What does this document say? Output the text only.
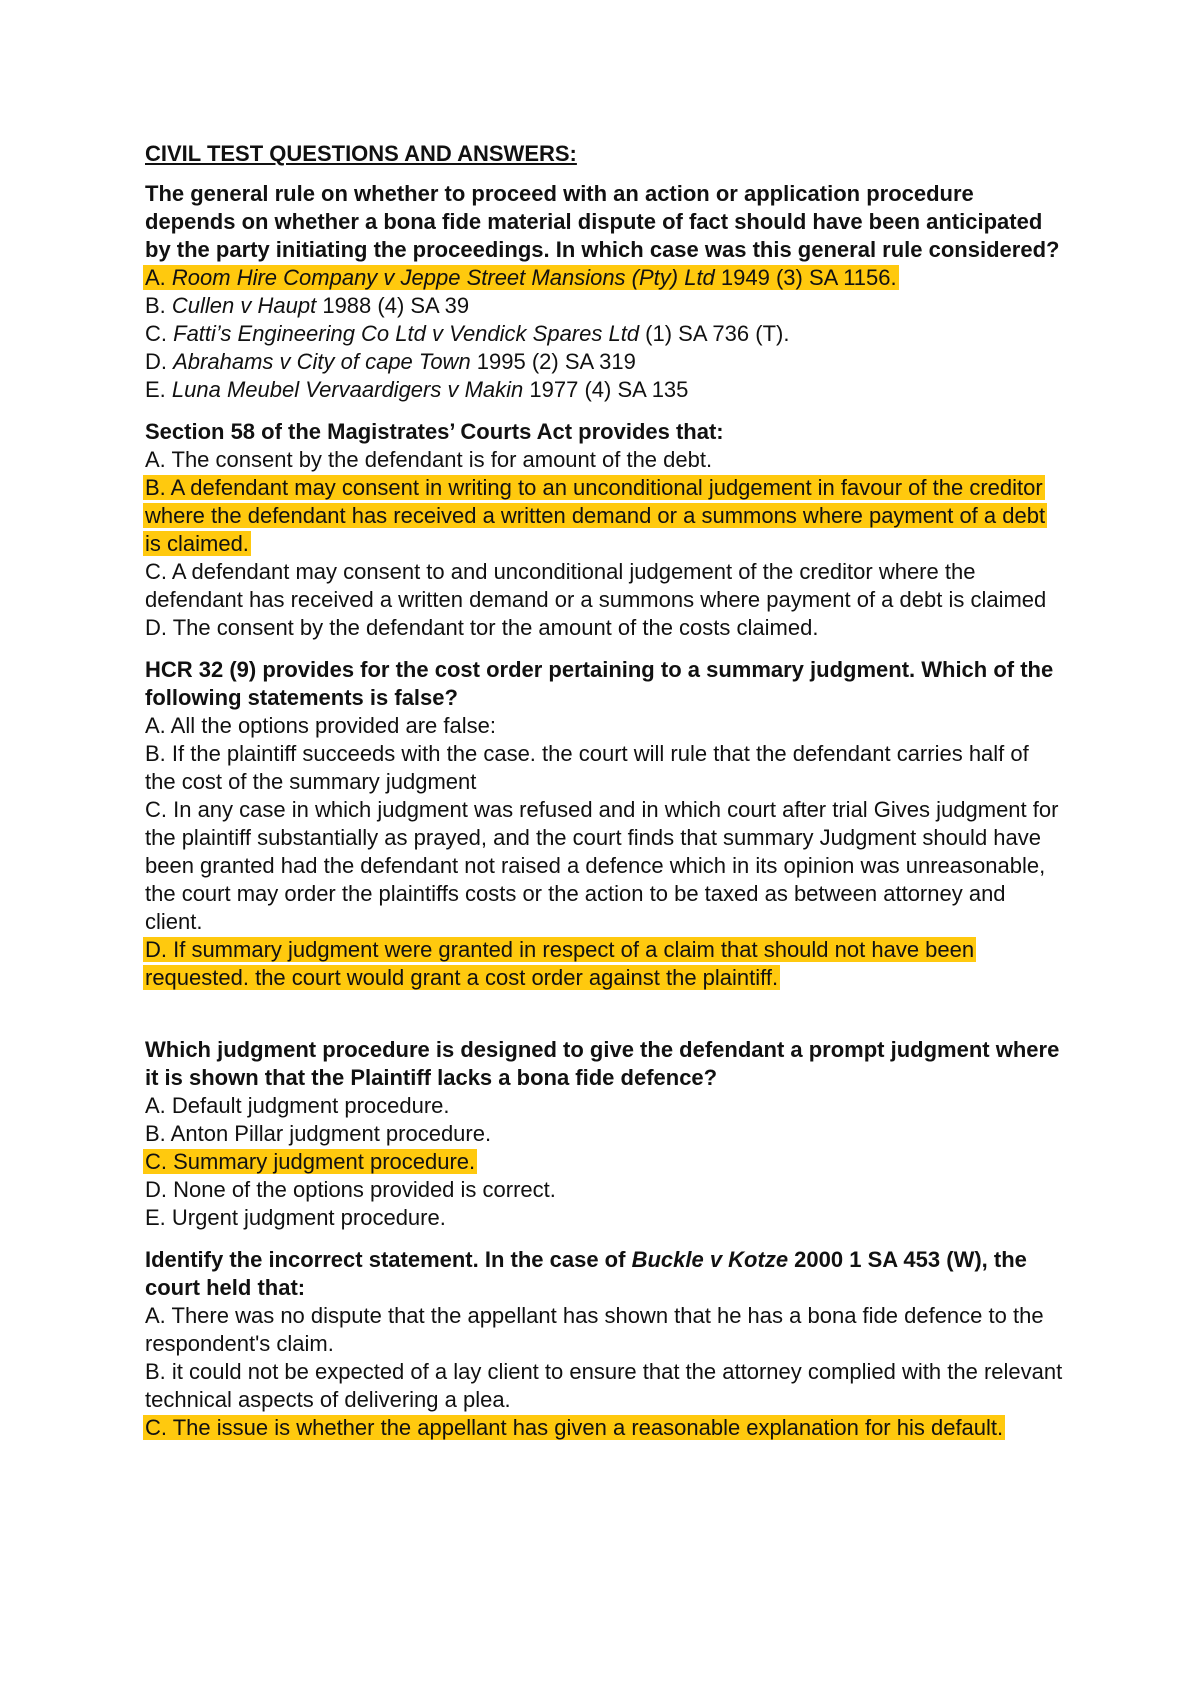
CIVIL TEST QUESTIONS AND ANSWERS:
The general rule on whether to proceed with an action or application procedure depends on whether a bona fide material dispute of fact should have been anticipated by the party initiating the proceedings. In which case was this general rule considered?
A. Room Hire Company v Jeppe Street Mansions (Pty) Ltd 1949 (3) SA 1156.
B. Cullen v Haupt 1988 (4) SA 39
C. Fatti’s Engineering Co Ltd v Vendick Spares Ltd (1) SA 736 (T).
D. Abrahams v City of cape Town 1995 (2) SA 319
E. Luna Meubel Vervaardigers v Makin 1977 (4) SA 135
Section 58 of the Magistrates’ Courts Act provides that:
A. The consent by the defendant is for amount of the debt.
B. A defendant may consent in writing to an unconditional judgement in favour of the creditor where the defendant has received a written demand or a summons where payment of a debt is claimed.
C. A defendant may consent to and unconditional judgement of the creditor where the defendant has received a written demand or a summons where payment of a debt is claimed
D. The consent by the defendant tor the amount of the costs claimed.
HCR 32 (9) provides for the cost order pertaining to a summary judgment. Which of the following statements is false?
A. All the options provided are false:
B. If the plaintiff succeeds with the case. the court will rule that the defendant carries half of the cost of the summary judgment
C. In any case in which judgment was refused and in which court after trial Gives judgment for the plaintiff substantially as prayed, and the court finds that summary Judgment should have been granted had the defendant not raised a defence which in its opinion was unreasonable, the court may order the plaintiffs costs or the action to be taxed as between attorney and client.
D. If summary judgment were granted in respect of a claim that should not have been requested. the court would grant a cost order against the plaintiff.
Which judgment procedure is designed to give the defendant a prompt judgment where it is shown that the Plaintiff lacks a bona fide defence?
A. Default judgment procedure.
B. Anton Pillar judgment procedure.
C. Summary judgment procedure.
D. None of the options provided is correct.
E. Urgent judgment procedure.
Identify the incorrect statement. In the case of Buckle v Kotze 2000 1 SA 453 (W), the court held that:
A. There was no dispute that the appellant has shown that he has a bona fide defence to the respondent's claim.
B. it could not be expected of a lay client to ensure that the attorney complied with the relevant technical aspects of delivering a plea.
C. The issue is whether the appellant has given a reasonable explanation for his default.
